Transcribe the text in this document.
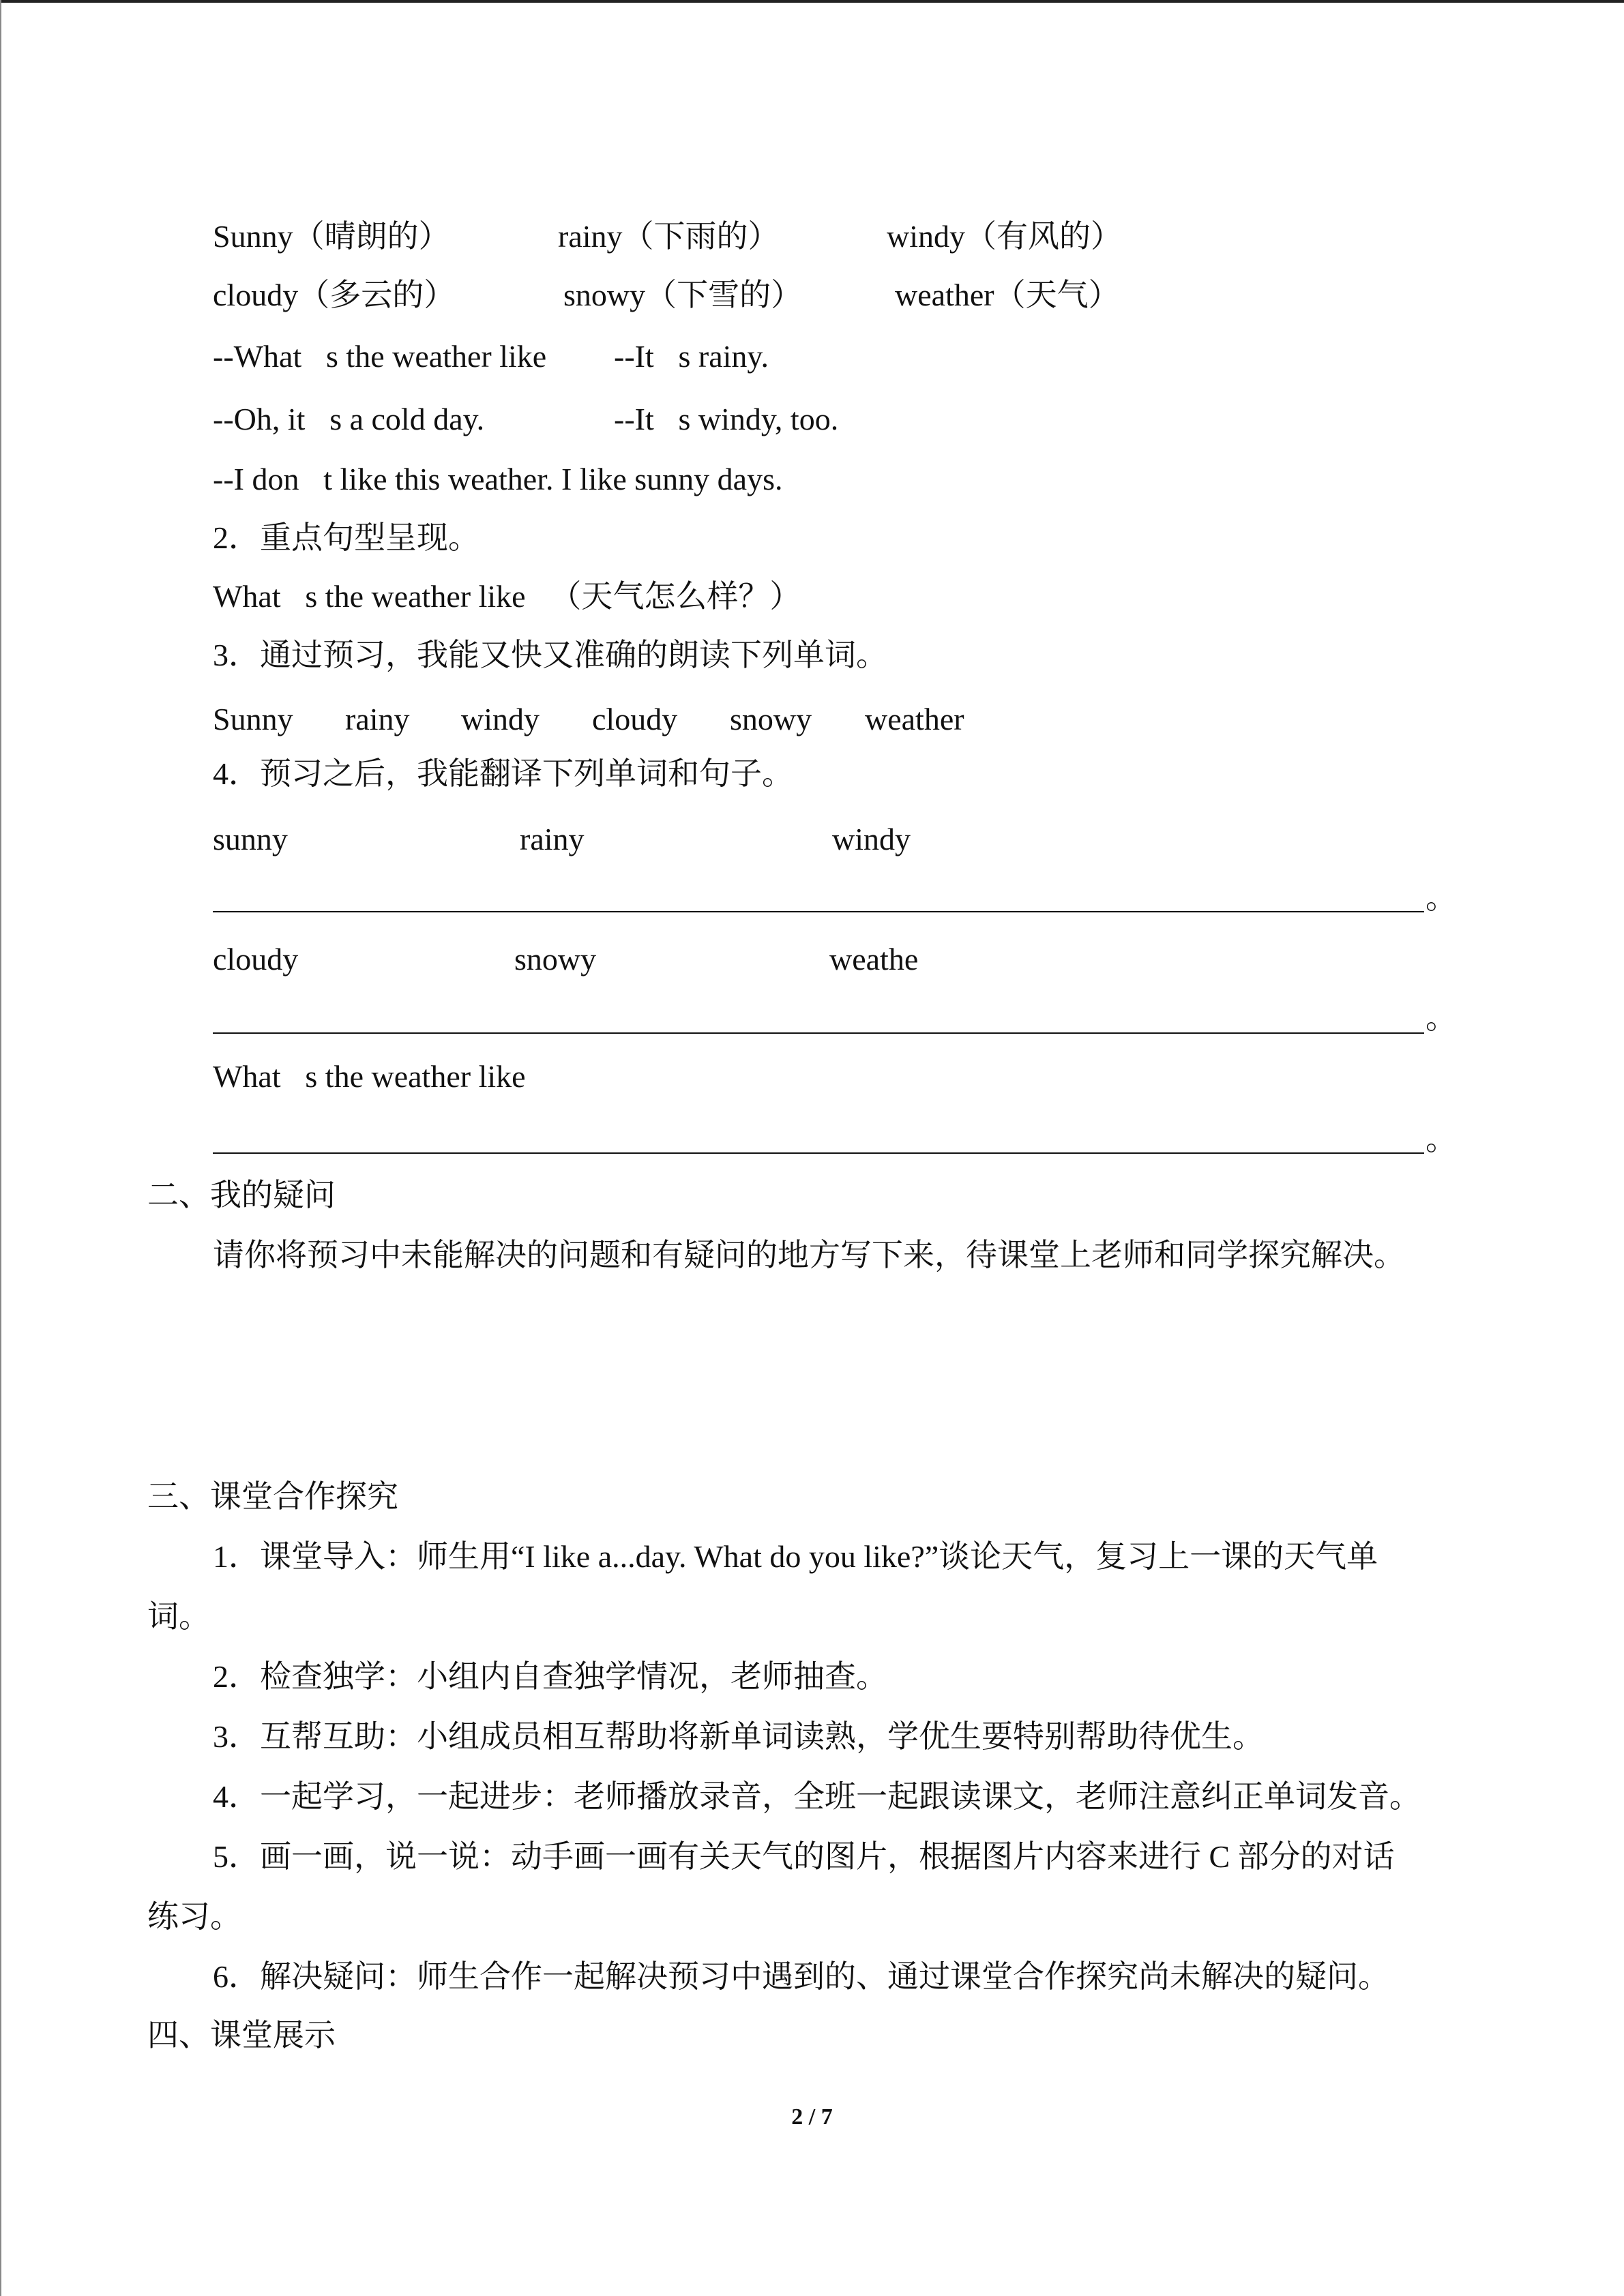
Sunny（晴朗的）	rainy（下雨的）	windy（有风的）
cloudy（多云的）	snowy（下雪的）	weather（天气）
--What s the weather like？ --It s rainy.
--Oh, it s a cold day.	--It s windy, too.
--I don t like this weather. I like sunny days.
2．重点句型呈现。
What s the weather like？（天气怎么样？）
3．通过预习，我能又快又准确的朗读下列单词。
Sunny rainy windy cloudy snowy weather
4．预习之后，我能翻译下列单词和句子。
sunny	rainy	windy
。
cloudy	snowy	weathe
。
What s the weather like？
。
二、我的疑问
请你将预习中未能解决的问题和有疑问的地方写下来，待课堂上老师和同学探究解决。
三、课堂合作探究
1．课堂导入：师生用“I like a...day. What do you like?”谈论天气，复习上一课的天气单
词。
2．检查独学：小组内自查独学情况，老师抽查。
3．互帮互助：小组成员相互帮助将新单词读熟，学优生要特别帮助待优生。
4．一起学习，一起进步：老师播放录音，全班一起跟读课文，老师注意纠正单词发音。
5．画一画，说一说：动手画一画有关天气的图片，根据图片内容来进行 C 部分的对话
练习。
6．解决疑问：师生合作一起解决预习中遇到的、通过课堂合作探究尚未解决的疑问。
四、课堂展示
2 / 7
